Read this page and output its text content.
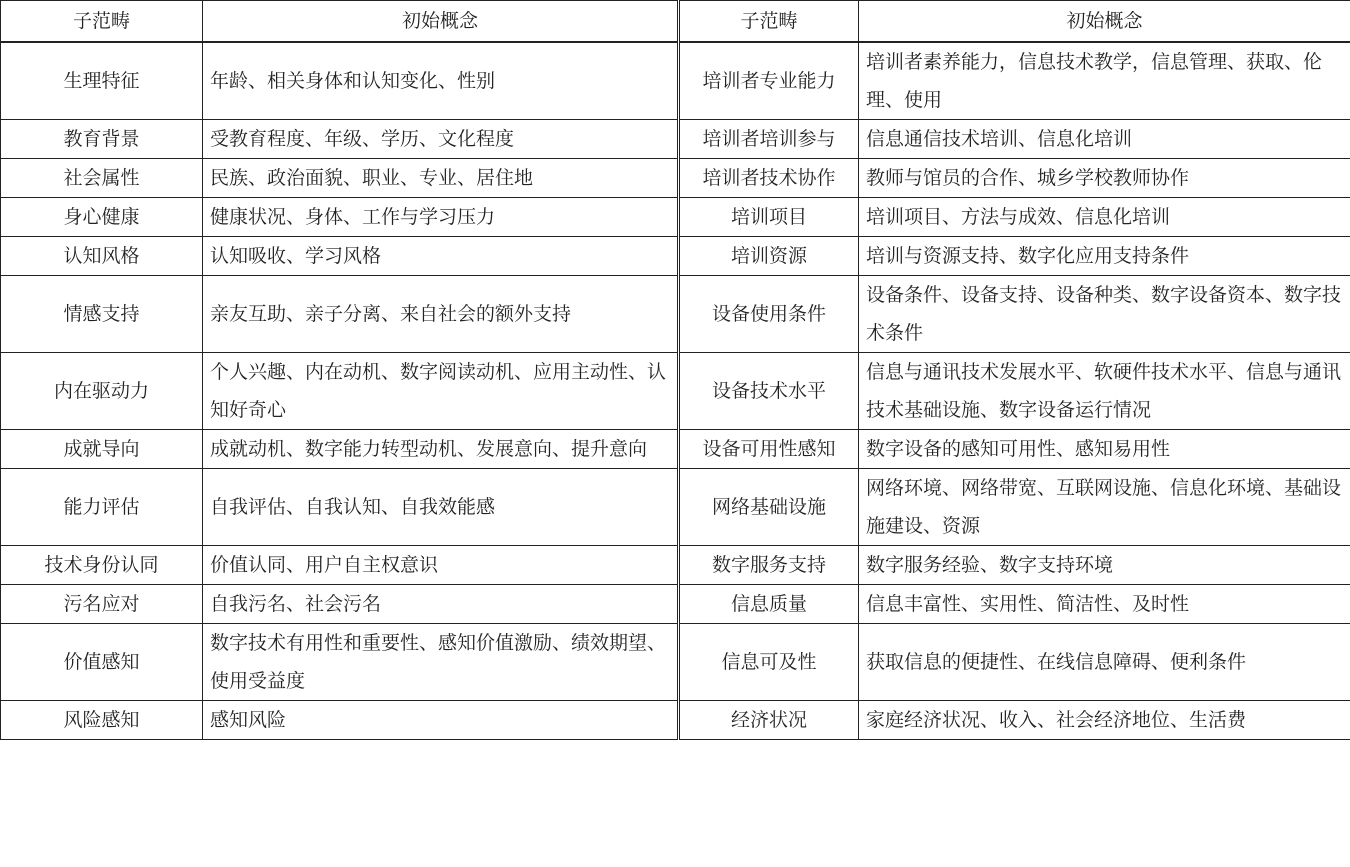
子范畴	初始概念	子范畴	初始概念
生理特征	年龄、相关身体和认知变化、性别	培训者专业能力	培训者素养能力，信息技术教学，信息管理、获取、伦理、使用
教育背景	受教育程度、年级、学历、文化程度	培训者培训参与	信息通信技术培训、信息化培训
社会属性	民族、政治面貌、职业、专业、居住地	培训者技术协作	教师与馆员的合作、城乡学校教师协作
身心健康	健康状况、身体、工作与学习压力	培训项目	培训项目、方法与成效、信息化培训
认知风格	认知吸收、学习风格	培训资源	培训与资源支持、数字化应用支持条件
情感支持	亲友互助、亲子分离、来自社会的额外支持	设备使用条件	设备条件、设备支持、设备种类、数字设备资本、数字技术条件
内在驱动力	个人兴趣、内在动机、数字阅读动机、应用主动性、认知好奇心	设备技术水平	信息与通讯技术发展水平、软硬件技术水平、信息与通讯技术基础设施、数字设备运行情况
成就导向	成就动机、数字能力转型动机、发展意向、提升意向	设备可用性感知	数字设备的感知可用性、感知易用性
能力评估	自我评估、自我认知、自我效能感	网络基础设施	网络环境、网络带宽、互联网设施、信息化环境、基础设施建设、资源
技术身份认同	价值认同、用户自主权意识	数字服务支持	数字服务经验、数字支持环境
污名应对	自我污名、社会污名	信息质量	信息丰富性、实用性、简洁性、及时性
价值感知	数字技术有用性和重要性、感知价值激励、绩效期望、使用受益度	信息可及性	获取信息的便捷性、在线信息障碍、便利条件
风险感知	感知风险	经济状况	家庭经济状况、收入、社会经济地位、生活费
